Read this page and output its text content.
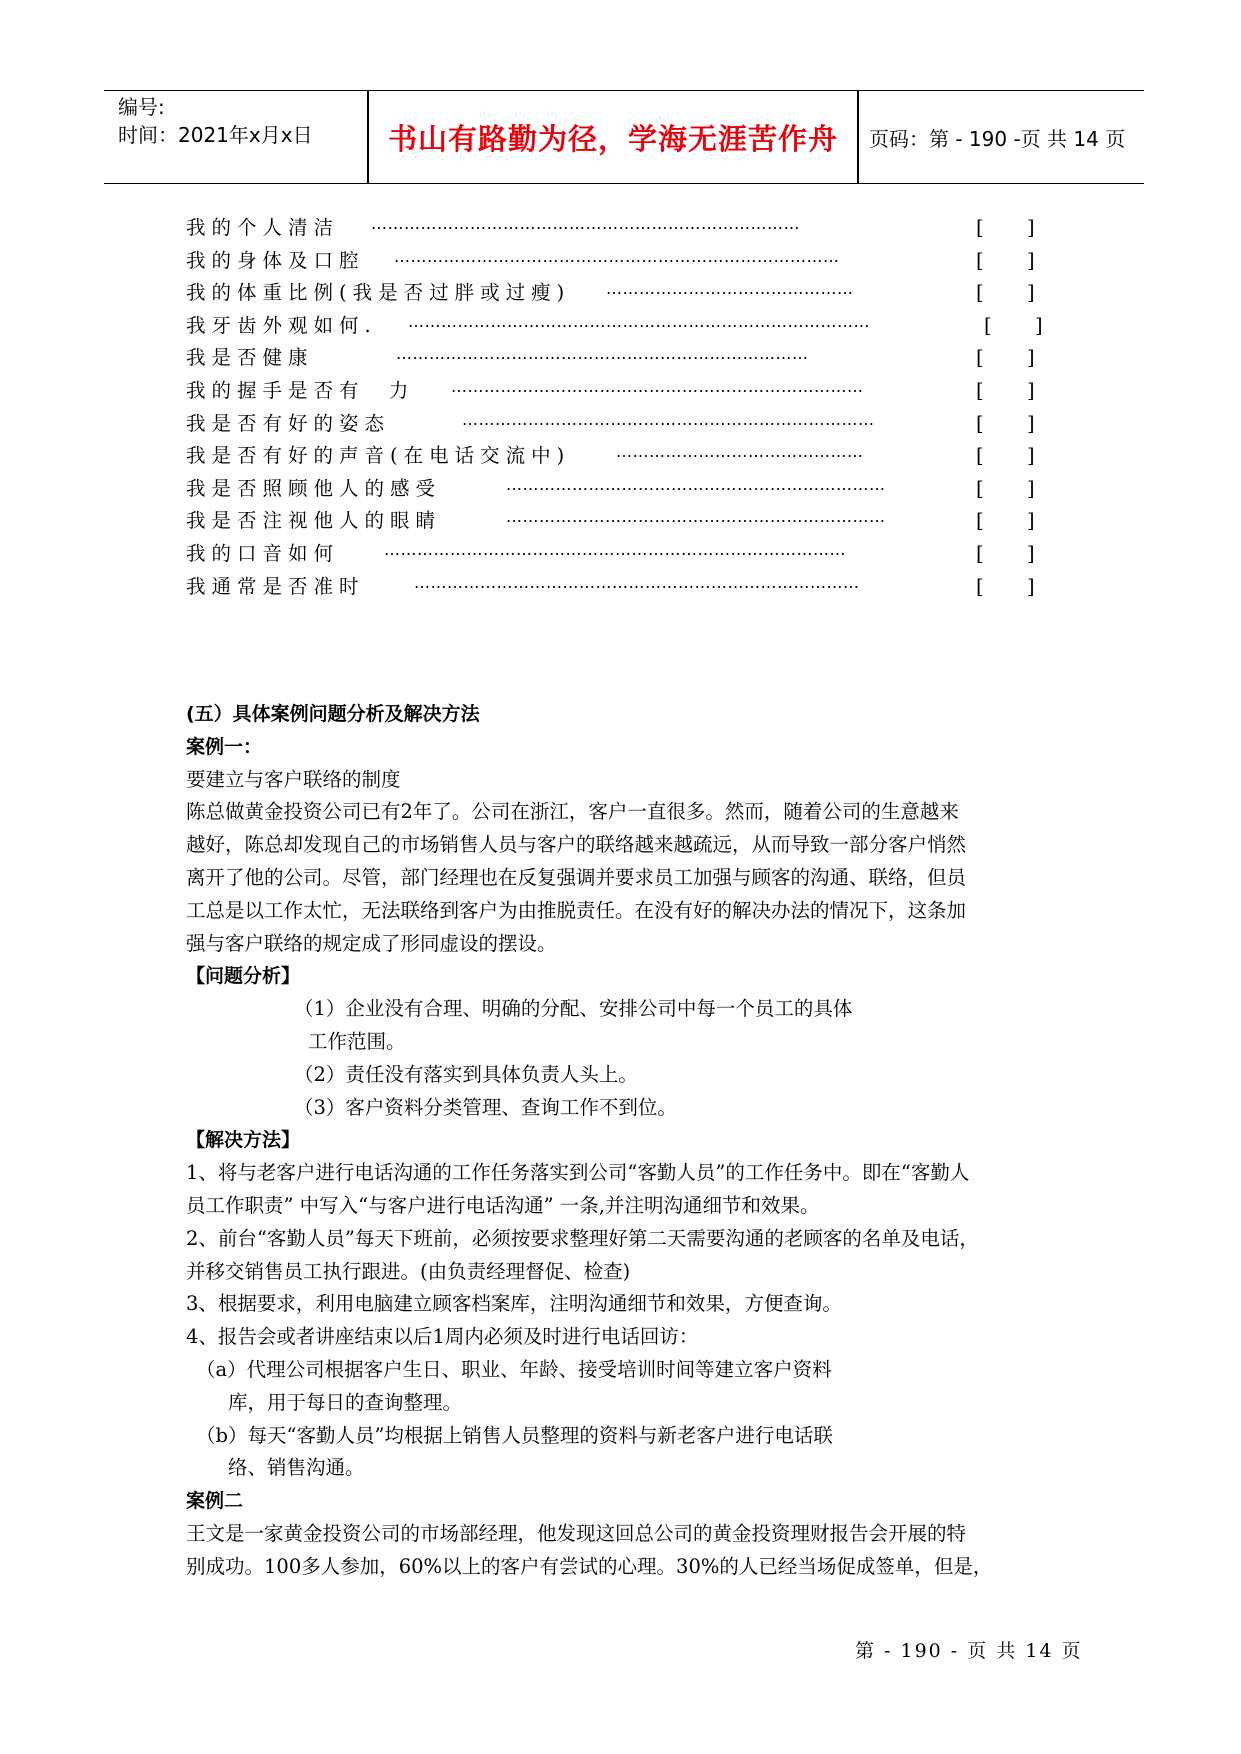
编号:
时间：2021年x月x日	书山有路勤为径，学海无涯苦作舟	页码：第 - 190 -页 共 14 页
我的个人清洁 ……………………………………………………………………	[       ]
我的身体及口腔 ………………………………………………………………………	[       ]
我的体重比例(我是否过胖或过瘦) ………………………………………	[       ]
我牙齿外观如何. …………………………………………………………………………	[       ]
我是否健康	…………………………………………………………………	[       ]
我的握手是否有  力 …………………………………………………………………	[       ]
我是否有好的姿态	…………………………………………………………………	[       ]
我是否有好的声音(在电话交流中)	………………………………………	[       ]
我是否照顾他人的感受	……………………………………………………………	[       ]
我是否注视他人的眼睛	……………………………………………………………	[       ]
我的口音如何	…………………………………………………………………………	[       ]
我通常是否准时	………………………………………………………………………	[       ]

(五）具体案例问题分析及解决方法

案例一：

要建立与客户联络的制度

陈总做黄金投资公司已有2年了。公司在浙江，客户一直很多。然而，随着公司的生意越来

越好，陈总却发现自己的市场销售人员与客户的联络越来越疏远，从而导致一部分客户悄然

离开了他的公司。尽管，部门经理也在反复强调并要求员工加强与顾客的沟通、联络，但员

工总是以工作太忙，无法联络到客户为由推脱责任。在没有好的解决办法的情况下，这条加

强与客户联络的规定成了形同虚设的摆设。

【问题分析】

（1）企业没有合理、明确的分配、安排公司中每一个员工的具体

工作范围。

（2）责任没有落实到具体负责人头上。

（3）客户资料分类管理、查询工作不到位。

【解决方法】

1、将与老客户进行电话沟通的工作任务落实到公司“客勤人员”的工作任务中。即在“客勤人

员工作职责” 中写入“与客户进行电话沟通” 一条,并注明沟通细节和效果。

2、前台“客勤人员”每天下班前，必须按要求整理好第二天需要沟通的老顾客的名单及电话，

并移交销售员工执行跟进。(由负责经理督促、检查)

3、根据要求，利用电脑建立顾客档案库，注明沟通细节和效果，方便查询。

4、报告会或者讲座结束以后1周内必须及时进行电话回访：

（a）代理公司根据客户生日、职业、年龄、接受培训时间等建立客户资料

库，用于每日的查询整理。

（b）每天“客勤人员”均根据上销售人员整理的资料与新老客户进行电话联

络、销售沟通。

案例二

王文是一家黄金投资公司的市场部经理，他发现这回总公司的黄金投资理财报告会开展的特

别成功。100多人参加，60%以上的客户有尝试的心理。30%的人已经当场促成签单，但是，

第 - 190 - 页 共 14 页
